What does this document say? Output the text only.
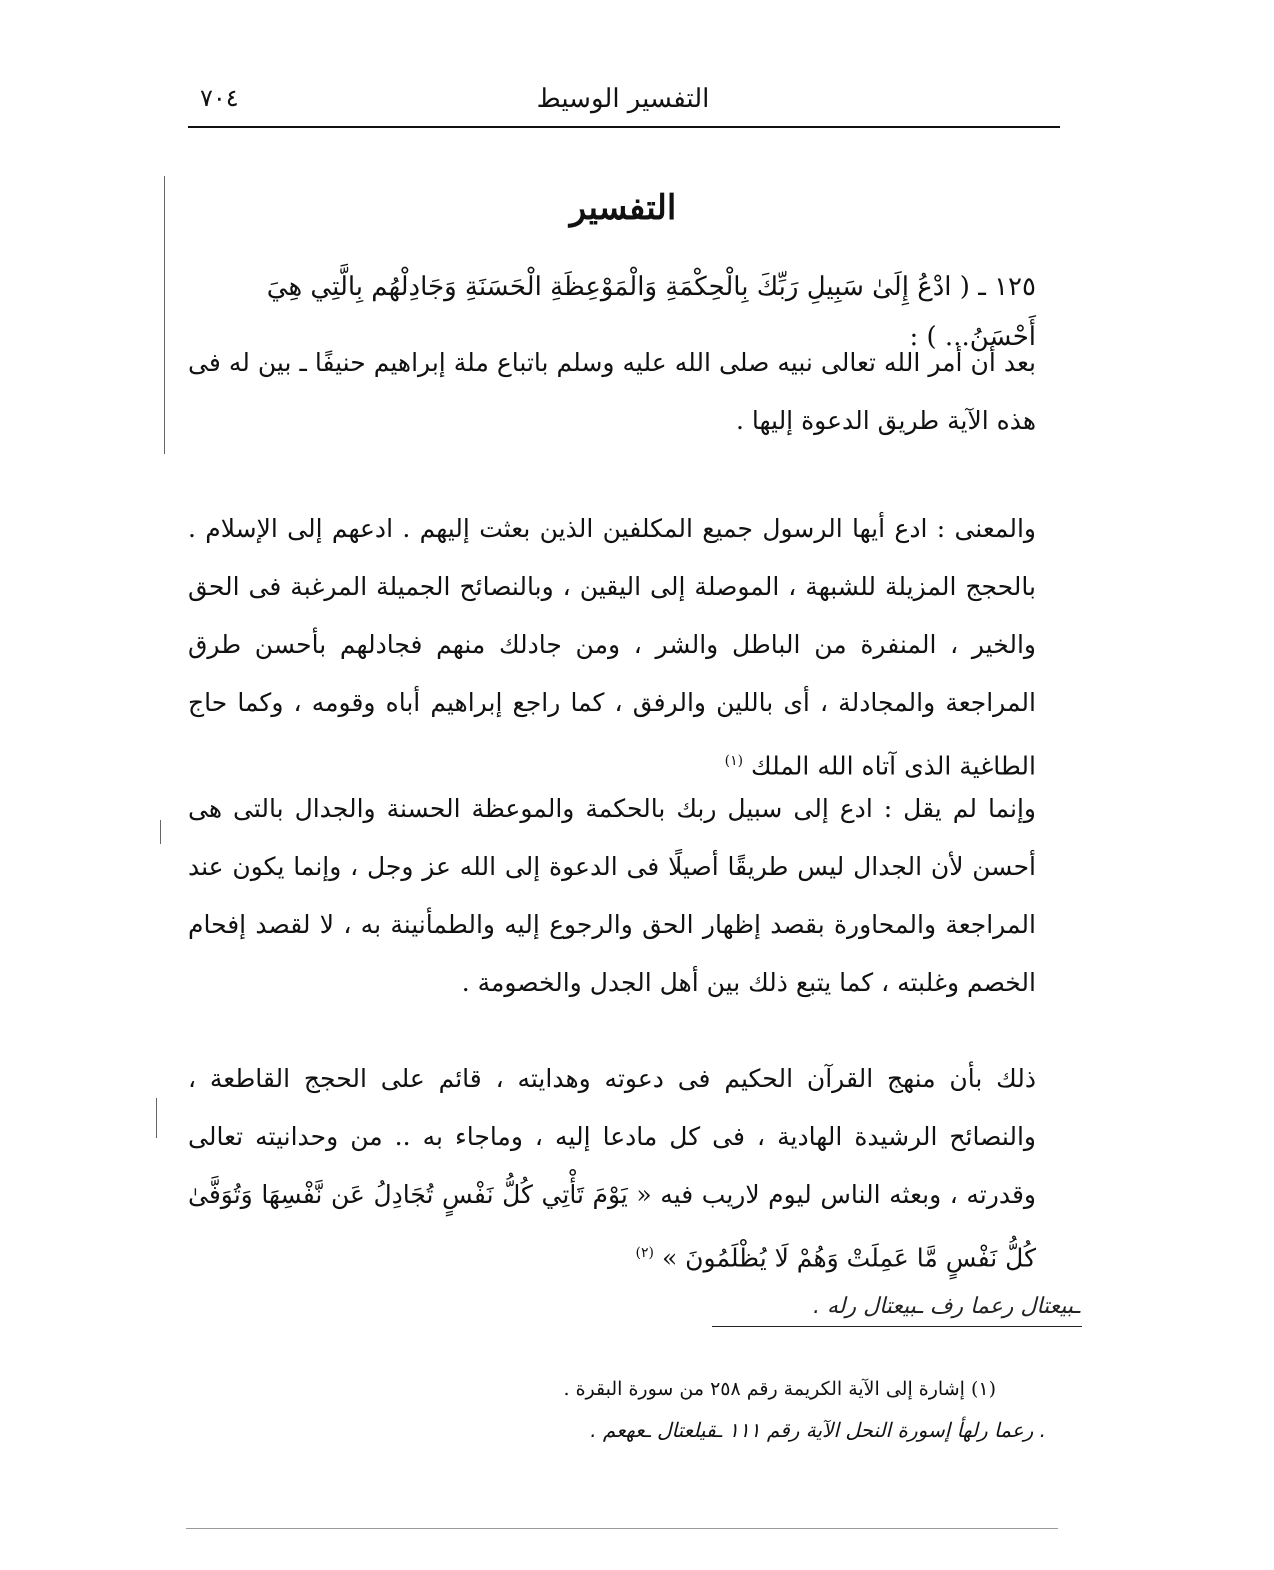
٧٠٤	التفسير الوسيط
التفسير
١٢٥ ـ ( ادْعُ إِلَىٰ سَبِيلِ رَبِّكَ بِالْحِكْمَةِ وَالْمَوْعِظَةِ الْحَسَنَةِ وَجَادِلْهُم بِالَّتِي هِيَ أَحْسَنُ... ) :
بعد أن أمر الله تعالى نبيه صلى الله عليه وسلم باتباع ملة إبراهيم حنيفًا ـ بين له فى هذه الآية طريق الدعوة إليها .
والمعنى : ادع أيها الرسول جميع المكلفين الذين بعثت إليهم . ادعهم إلى الإسلام . بالحجج المزيلة للشبهة ، الموصلة إلى اليقين ، وبالنصائح الجميلة المرغبة فى الحق والخير ، المنفرة من الباطل والشر ، ومن جادلك منهم فجادلهم بأحسن طرق المراجعة والمجادلة ، أى باللين والرفق ، كما راجع إبراهيم أباه وقومه ، وكما حاج الطاغية الذى آتاه الله الملك $^{(١)}$
وإنما لم يقل : ادع إلى سبيل ربك بالحكمة والموعظة الحسنة والجدال بالتى هى أحسن لأن الجدال ليس طريقًا أصيلًا فى الدعوة إلى الله عز وجل ، وإنما يكون عند المراجعة والمحاورة بقصد إظهار الحق والرجوع إليه والطمأنينة به ، لا لقصد إفحام الخصم وغلبته ، كما يتبع ذلك بين أهل الجدل والخصومة .
ذلك بأن منهج القرآن الحكيم فى دعوته وهدايته ، قائم على الحجج القاطعة ، والنصائح الرشيدة الهادية ، فى كل مادعا إليه ، وماجاء به .. من وحدانيته تعالى وقدرته ، وبعثه الناس ليوم لاريب فيه « يَوْمَ تَأْتِي كُلُّ نَفْسٍ تُجَادِلُ عَن نَّفْسِهَا وَتُوَفَّىٰ كُلُّ نَفْسٍ مَّا عَمِلَتْ وَهُمْ لَا يُظْلَمُونَ » $^{(٢)}$
ـبيعتال رعما رف ـبيعتال رله .
(١) إشارة إلى الآية الكريمة رقم ٢٥٨ من سورة البقرة .
. رعما رلهأ إسورة النحل الآية رقم ١١١ ـقيلعتال ـعهعم .
